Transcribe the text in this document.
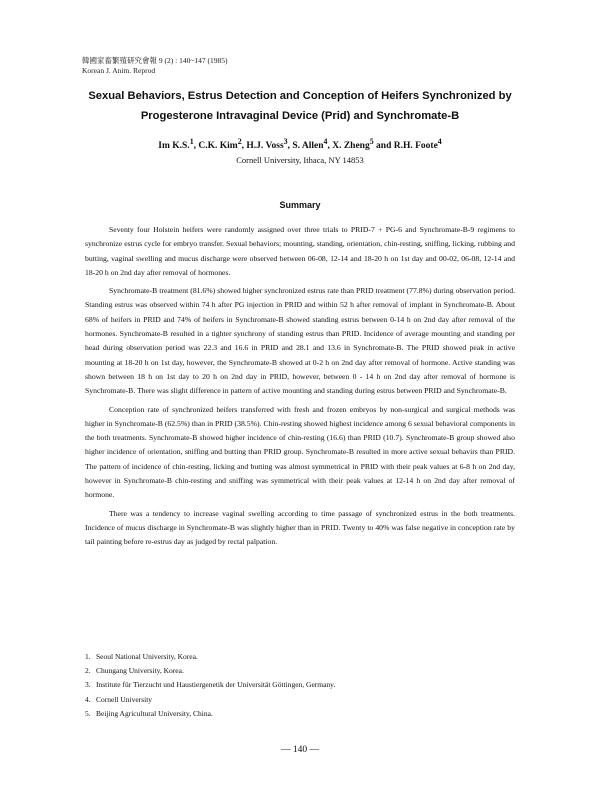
韓國家畜繁殖研究會報 9 (2) : 140~147 (1985)
Korean J. Anim. Reprod
Sexual Behaviors, Estrus Detection and Conception of Heifers Synchronized by
Progesterone Intravaginal Device (Prid) and Synchromate-B
Im K.S.$^1$, C.K. Kim$^2$, H.J. Voss$^3$, S. Allen$^4$, X. Zheng$^5$ and R.H. Foote$^4$
Cornell University, Ithaca, NY 14853
Summary

Seventy four Holstein heifers were randomly assigned over three trials to PRID-7 + PG-6 and Synchromate-B-9 regimens to synchronize estrus cycle for embryo transfer. Sexual behaviors; mounting, standing, orientation, chin-resting, sniffing, licking, rubbing and butting, vaginal swelling and mucus discharge were observed between 06-08, 12-14 and 18-20 h on 1st day and 00-02, 06-08, 12-14 and 18-20 h on 2nd day after removal of hormones.

Synchromate-B treatment (81.6%) showed higher synchronized estrus rate than PRID treatment (77.8%) during observation period. Standing estrus was observed within 74 h after PG injection in PRID and within 52 h after removal of implant in Synchromate-B. About 68% of heifers in PRID and 74% of heifers in Synchromate-B showed standing estrus between 0-14 h on 2nd day after removal of the hormones. Synchromate-B resulted in a tighter synchrony of standing estrus than PRID. Incidence of average mounting and standing per head during observation period was 22.3 and 16.6 in PRID and 28.1 and 13.6 in Synchromate-B. The PRID showed peak in active mounting at 18-20 h on 1st day, however, the Synchromate-B showed at 0-2 h on 2nd day after removal of hormone. Active standing was shown between 18 h on 1st day to 20 h on 2nd day in PRID, however, between 0 - 14 h on 2nd day after removal of hormone is Synchromate-B. There was slight difference in pattern of active mounting and standing during estrus between PRID and Synchromate-B.

Conception rate of synchronized heifers transferred with fresh and frozen embryos by non-surgical and surgical methods was higher in Synchromate-B (62.5%) than in PRID (38.5%). Chin-resting showed highest incidence among 6 sexual behavioral components in the both treatments. Synchromate-B showed higher incidence of chin-resting (16.6) than PRID (10.7). Synchromate-B group showed also higher incidence of orientation, sniffing and butting than PRID group. Synchromate-B resulted in more active sexual behavirs than PRID. The pattern of incidence of chin-resting, licking and butting was almost symmetrical in PRID with their peak values at 6-8 h on 2nd day, however in Synchromate-B chin-resting and sniffing was symmetrical with their peak values at 12-14 h on 2nd day after removal of hormone.

There was a tendency to increase vaginal swelling according to time passage of synchronized estrus in the both treatments. Incidence of mucus discharge in Synchromate-B was slightly higher than in PRID. Twenty to 40% was false negative in conception rate by tail painting before re-estrus day as judged by rectal palpation.

1. Seoul National University, Korea.
2. Chungang University, Korea.
3. Institute für Tierzucht und Haustiergenetik der Universität Göttingen, Germany.
4. Cornell University
5. Beijing Agricultural University, China.
— 140 —
